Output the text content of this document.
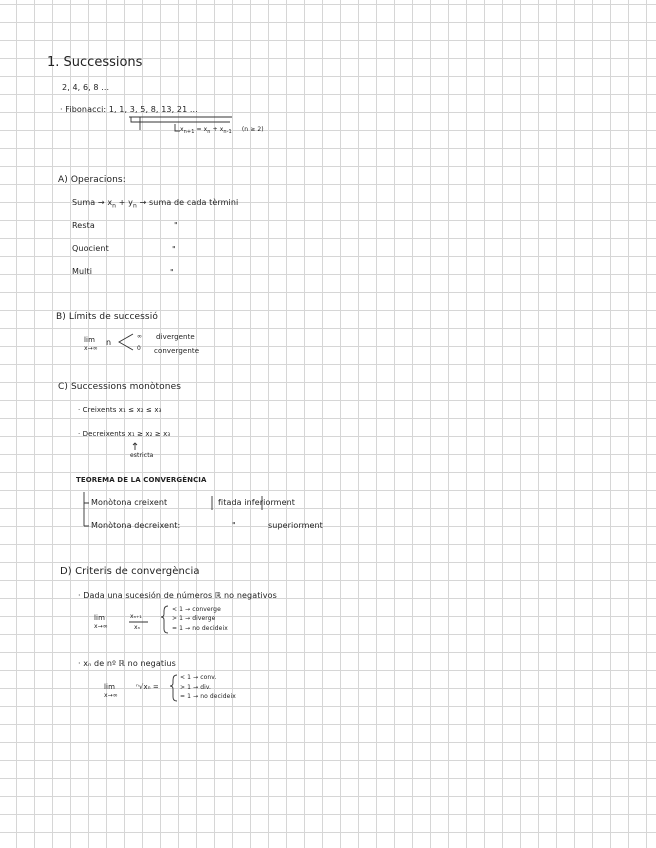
1. Successions
2, 4, 6, 8 ...
· Fibonacci: 1, 1, 3, 5, 8, 13, 21 ...
$x_{n+1} = x_n + x_{n-1}$ (n ≥ 2)
A) Operacions:
Suma → $x_n + y_n$ → suma de cada tèrmini
Resta	"
Quocient	"
Multi	"
B) Límits de successió
lim
x→∞
n
∞
0
divergente
convergente
C) Successions monòtones
· Creixents x₁ ≤ x₂ ≤ x₃
· Decreixents x₁ ≥ x₂ ≥ x₃
estricta
TEOREMA DE LA CONVERGÈNCIA
Monòtona creixent	fitada inferiorment
Monòtona decreixent:	"	superiorment
D) Criteris de convergència
· Dada una sucesión de números ℝ no negativos
lim
x→∞
xₙ₊₁
xₙ
< 1 → converge
> 1 → diverge
= 1 → no decideix
· xₙ de nº ℝ no negatius
lim
x→∞
ⁿ√xₙ =
< 1 → conv.
> 1 → div.
= 1 → no decideix
